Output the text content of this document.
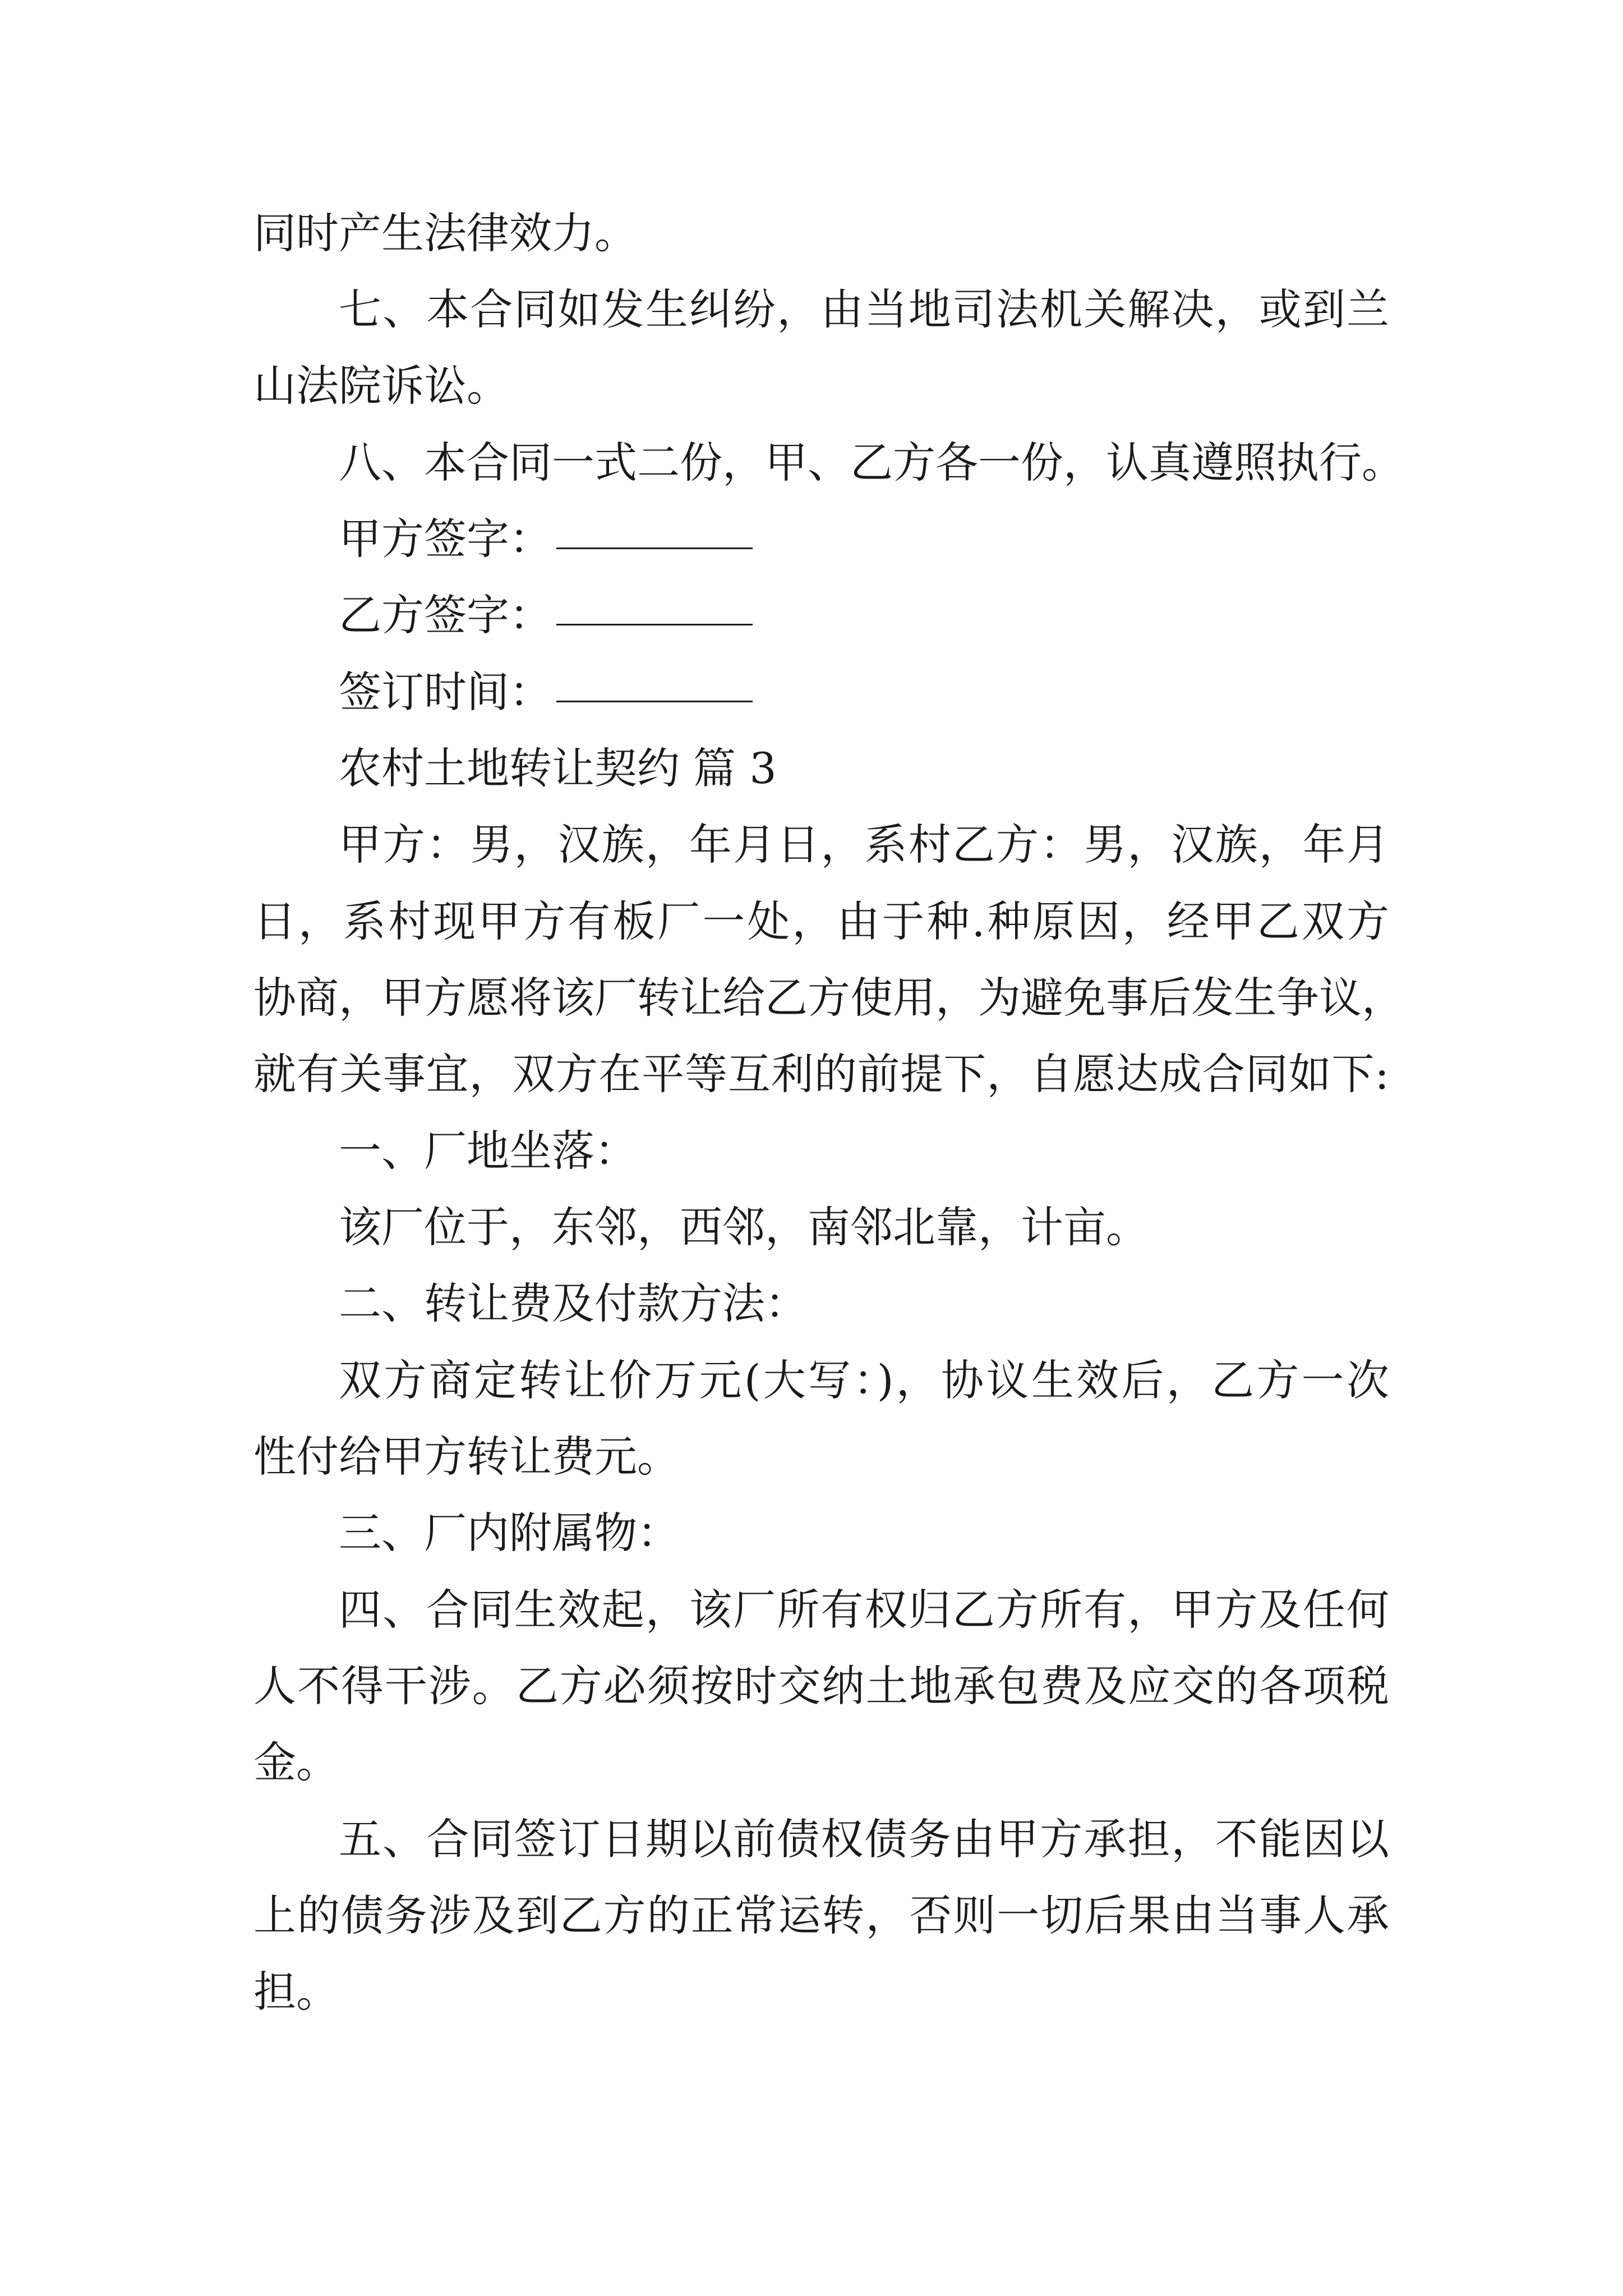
同时产生法律效力。
七、本合同如发生纠纷，由当地司法机关解决，或到兰
山法院诉讼。
八、本合同一式二份，甲、乙方各一份，认真遵照执行。
甲方签字：
乙方签字：
签订时间：
农村土地转让契约 篇 3
甲方：男，汉族，年月日，系村乙方：男，汉族，年月
日，系村现甲方有板厂一处，由于种.种原因，经甲乙双方
协商，甲方愿将该厂转让给乙方使用，为避免事后发生争议，
就有关事宜，双方在平等互利的前提下，自愿达成合同如下:
一、厂地坐落：
该厂位于，东邻，西邻，南邻北靠，计亩。
二、转让费及付款方法：
双方商定转让价万元(大写：)，协议生效后，乙方一次
性付给甲方转让费元。
三、厂内附属物：
四、合同生效起，该厂所有权归乙方所有，甲方及任何
人不得干涉。乙方必须按时交纳土地承包费及应交的各项税
金。
五、合同签订日期以前债权债务由甲方承担，不能因以
上的债务涉及到乙方的正常运转，否则一切后果由当事人承
担。
